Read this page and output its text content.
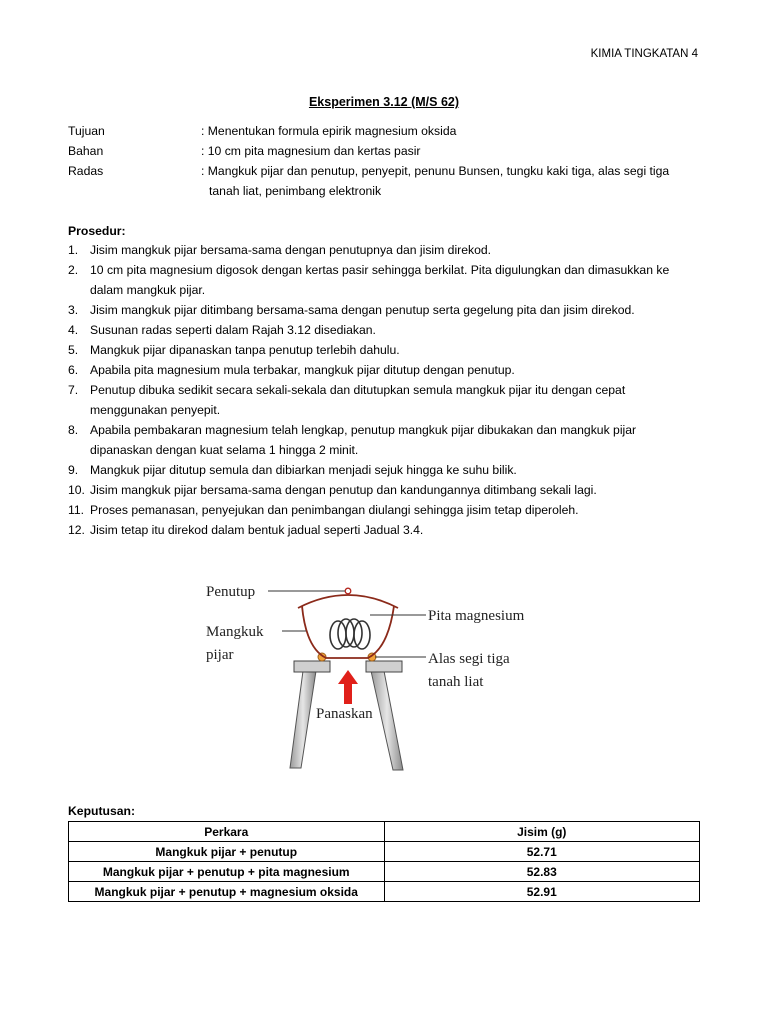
KIMIA TINGKATAN 4
Eksperimen 3.12 (M/S 62)
Tujuan	: Menentukan formula epirik magnesium oksida
Bahan	: 10 cm pita magnesium dan kertas pasir
Radas	: Mangkuk pijar dan penutup, penyepit, penunu Bunsen, tungku kaki tiga, alas segi tiga
tanah liat, penimbang elektronik
Prosedur:
1. Jisim mangkuk pijar bersama-sama dengan penutupnya dan jisim direkod.
2. 10 cm pita magnesium digosok dengan kertas pasir sehingga berkilat. Pita digulungkan dan dimasukkan ke
dalam mangkuk pijar.
3. Jisim mangkuk pijar ditimbang bersama-sama dengan penutup serta gegelung pita dan jisim direkod.
4. Susunan radas seperti dalam Rajah 3.12 disediakan.
5. Mangkuk pijar dipanaskan tanpa penutup terlebih dahulu.
6. Apabila pita magnesium mula terbakar, mangkuk pijar ditutup dengan penutup.
7. Penutup dibuka sedikit secara sekali-sekala dan ditutupkan semula mangkuk pijar itu dengan cepat
menggunakan penyepit.
8. Apabila pembakaran magnesium telah lengkap, penutup mangkuk pijar dibukakan dan mangkuk pijar
dipanaskan dengan kuat selama 1 hingga 2 minit.
9. Mangkuk pijar ditutup semula dan dibiarkan menjadi sejuk hingga ke suhu bilik.
10. Jisim mangkuk pijar bersama-sama dengan penutup dan kandungannya ditimbang sekali lagi.
11. Proses pemanasan, penyejukan dan penimbangan diulangi sehingga jisim tetap diperoleh.
12. Jisim tetap itu direkod dalam bentuk jadual seperti Jadual 3.4.
Penutup
Mangkuk
pijar
Pita magnesium
Alas segi tiga
tanah liat
Panaskan
Keputusan:
Perkara	Jisim (g)
Mangkuk pijar + penutup	52.71
Mangkuk pijar + penutup + pita magnesium	52.83
Mangkuk pijar + penutup + magnesium oksida	52.91
